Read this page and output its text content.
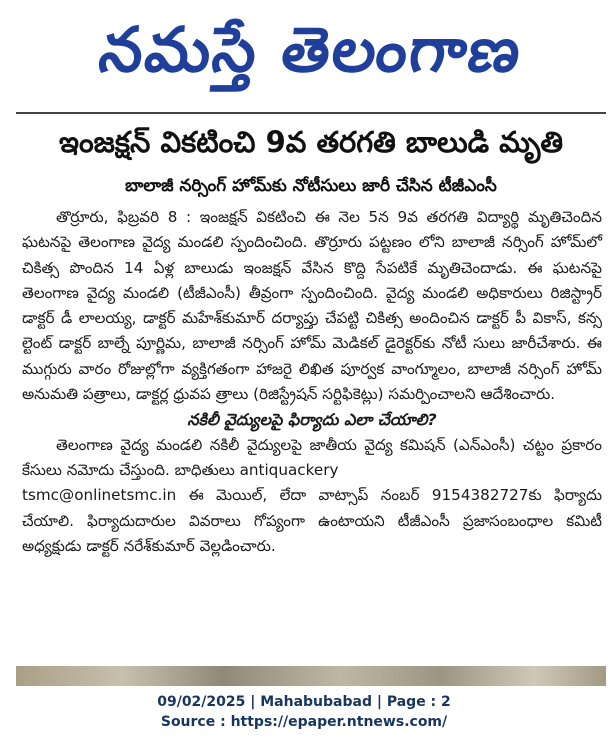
నమస్తే తెలంగాణ
ఇంజక్షన్ వికటించి 9వ తరగతి బాలుడి మృతి
బాలాజీ నర్సింగ్ హోమ్‌కు నోటీసులు జారీ చేసిన టీజీఎంసీ

తొర్రూరు, ఫిబ్రవరి 8 : ఇంజక్షన్ వికటించి ఈ నెల 5న 9వ తరగతి విద్యార్థి మృతిచెందిన ఘటనపై తెలంగాణ వైద్య మండలి స్పందించింది. తొర్రూరు పట్టణం లోని బాలాజీ నర్సింగ్ హోమ్‌లో చికిత్స పొందిన 14 ఏళ్ల బాలుడు ఇంజక్షన్ వేసిన కొద్ది సేపటికే మృతిచెందాడు. ఈ ఘటనపై తెలంగాణ వైద్య మండలి (టీజీఎంసీ) తీవ్రంగా స్పందించింది. వైద్య మండలి అధికారులు రిజిస్ట్రార్ డాక్టర్ డీ లాలయ్య, డాక్టర్ మహేశ్‌కుమార్ దర్యాప్తు చేపట్టి చికిత్స అందించిన డాక్టర్ పీ వికాస్, కన్స ల్టెంట్ డాక్టర్ బాల్నే పూర్ణిమ, బాలాజీ నర్సింగ్ హోమ్ మెడికల్ డైరెక్టర్‌కు నోటీ సులు జారీచేశారు. ఈ ముగ్గురు వారం రోజుల్లోగా వ్యక్తిగతంగా హాజరై లిఖిత పూర్వక వాంగ్మూలం, బాలాజీ నర్సింగ్ హోమ్ అనుమతి పత్రాలు, డాక్టర్ల ధ్రువప త్రాలు (రిజిస్ట్రేషన్ సర్టిఫికెట్లు) సమర్పించాలని ఆదేశించారు.

నకిలీ వైద్యులపై ఫిర్యాదు ఎలా చేయాలి?

తెలంగాణ వైద్య మండలి నకిలీ వైద్యులపై జాతీయ వైద్య కమిషన్ (ఎన్‌ఎంసీ) చట్టం ప్రకారం కేసులు నమోదు చేస్తుంది. బాధితులు antiquackery

tsmc@onlinetsmc.in ఈ మెయిల్, లేదా వాట్సాప్ నంబర్ 9154382727కు ఫిర్యాదు చేయాలి. ఫిర్యాదుదారుల వివరాలు గోప్యంగా ఉంటాయని టీజీఎంసీ ప్రజాసంబంధాల కమిటీ అధ్యక్షుడు డాక్టర్ నరేశ్‌కుమార్ వెల్లడించారు.

09/02/2025 | Mahabubabad | Page : 2
Source : https://epaper.ntnews.com/
